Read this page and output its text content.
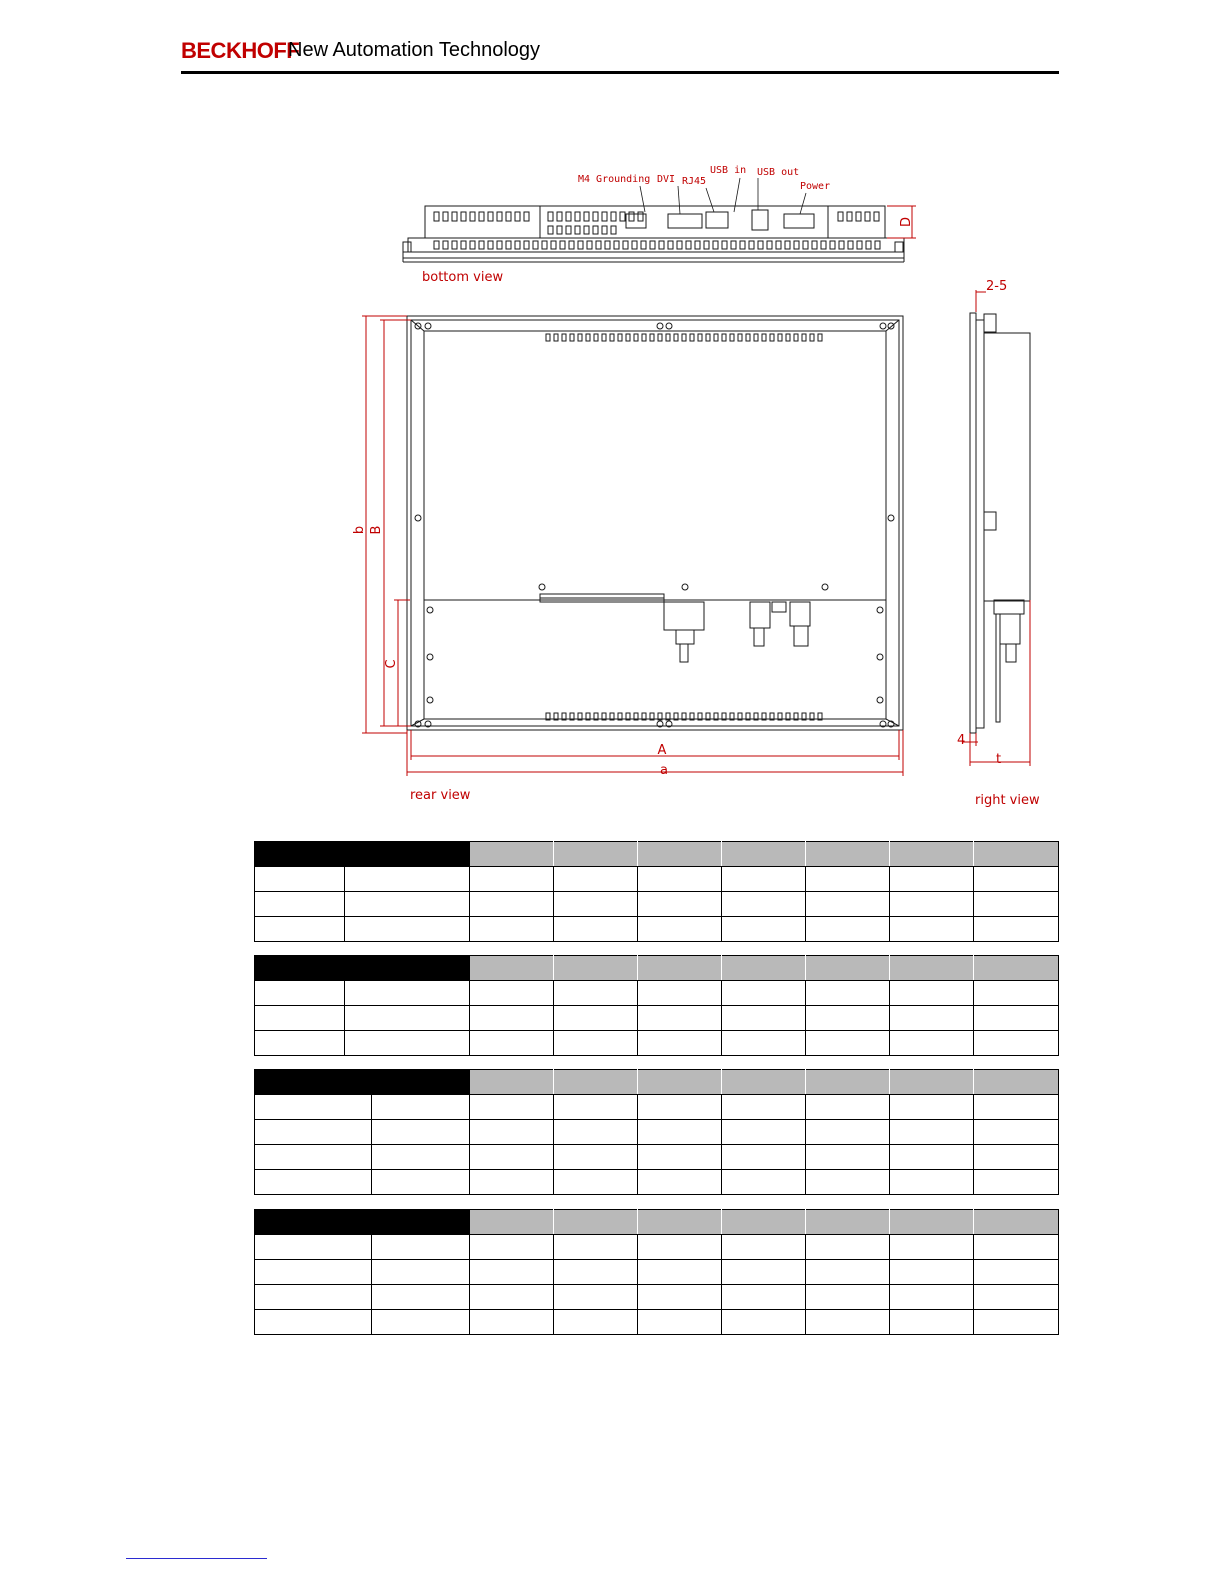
BECKHOFF
New Automation Technology
M4 Grounding DVI RJ45
USB in USB out
Power
D
bottom view
b B
C
A
a
rear view
2-5
4
t
right view
